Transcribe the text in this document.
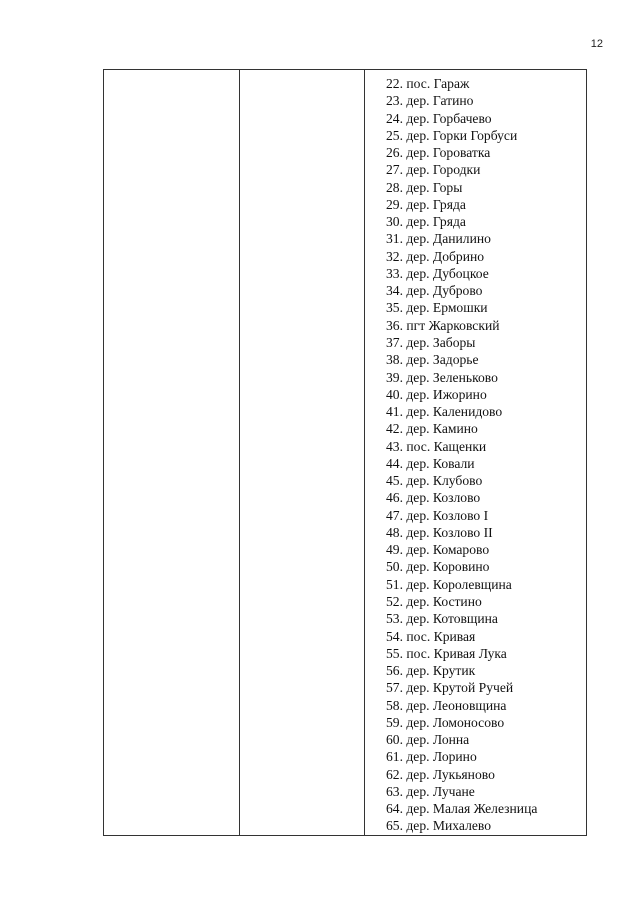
12
22. пос. Гараж
23. дер. Гатино
24. дер. Горбачево
25. дер. Горки Горбуси
26. дер. Гороватка
27. дер. Городки
28. дер. Горы
29. дер. Гряда
30. дер. Гряда
31. дер. Данилино
32. дер. Добрино
33. дер. Дубоцкое
34. дер. Дуброво
35. дер. Ермошки
36. пгт Жарковский
37. дер. Заборы
38. дер. Задорье
39. дер. Зеленьково
40. дер. Ижорино
41. дер. Каленидово
42. дер. Камино
43. пос. Кащенки
44. дер. Ковали
45. дер. Клубово
46. дер. Козлово
47. дер. Козлово I
48. дер. Козлово II
49. дер. Комарово
50. дер. Коровино
51. дер. Королевщина
52. дер. Костино
53. дер. Котовщина
54. пос. Кривая
55. пос. Кривая Лука
56. дер. Крутик
57. дер. Крутой Ручей
58. дер. Леоновщина
59. дер. Ломоносово
60. дер. Лонна
61. дер. Лорино
62. дер. Лукьяново
63. дер. Лучане
64. дер. Малая Железница
65. дер. Михалево
